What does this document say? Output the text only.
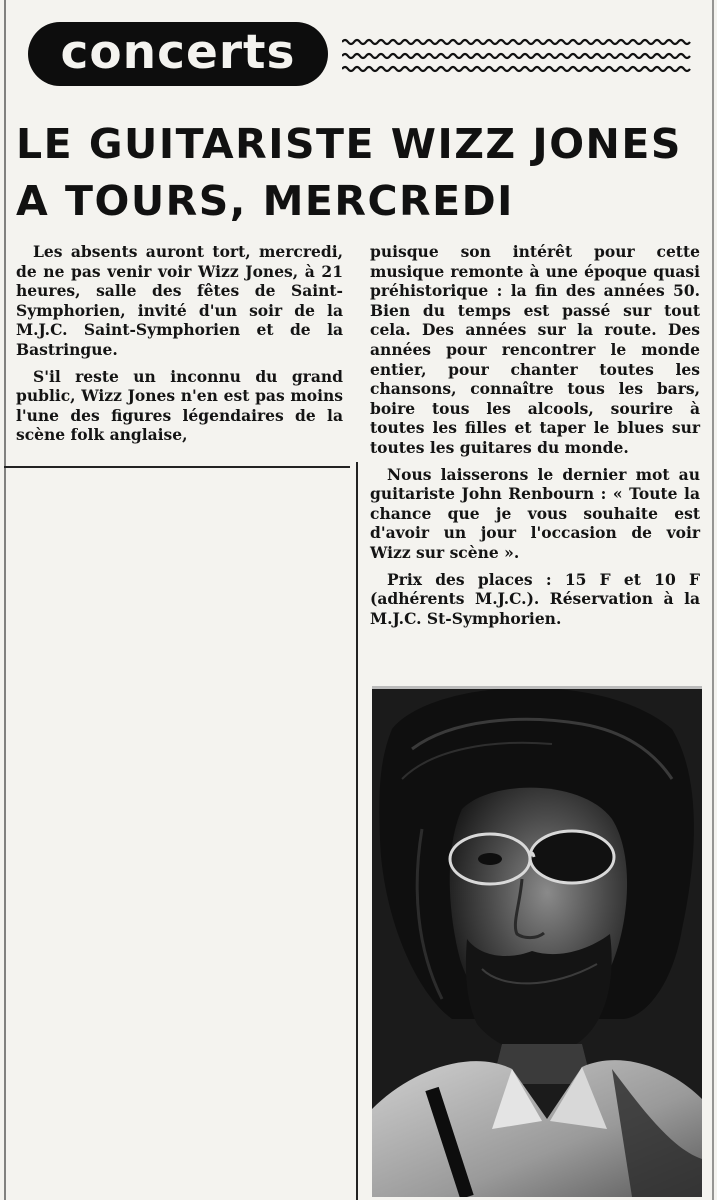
concerts
LE GUITARISTE WIZZ JONES
A TOURS, MERCREDI

Les absents auront tort, mercredi, de ne pas venir voir Wizz Jones, à 21 heures, salle des fêtes de Saint-Symphorien, invité d'un soir de la M.J.C. Saint-Symphorien et de la Bastringue.

S'il reste un inconnu du grand public, Wizz Jones n'en est pas moins l'une des figures légendaires de la scène folk anglaise,

puisque son intérêt pour cette musique remonte à une époque quasi préhistorique : la fin des années 50. Bien du temps est passé sur tout cela. Des années sur la route. Des années pour rencontrer le monde entier, pour chanter toutes les chansons, connaître tous les bars, boire tous les alcools, sourire à toutes les filles et taper le blues sur toutes les guitares du monde.

Nous laisserons le dernier mot au guitariste John Renbourn : « Toute la chance que je vous souhaite est d'avoir un jour l'occasion de voir Wizz sur scène ».

Prix des places : 15 F et 10 F (adhérents M.J.C.). Réservation à la M.J.C. St-Symphorien.
